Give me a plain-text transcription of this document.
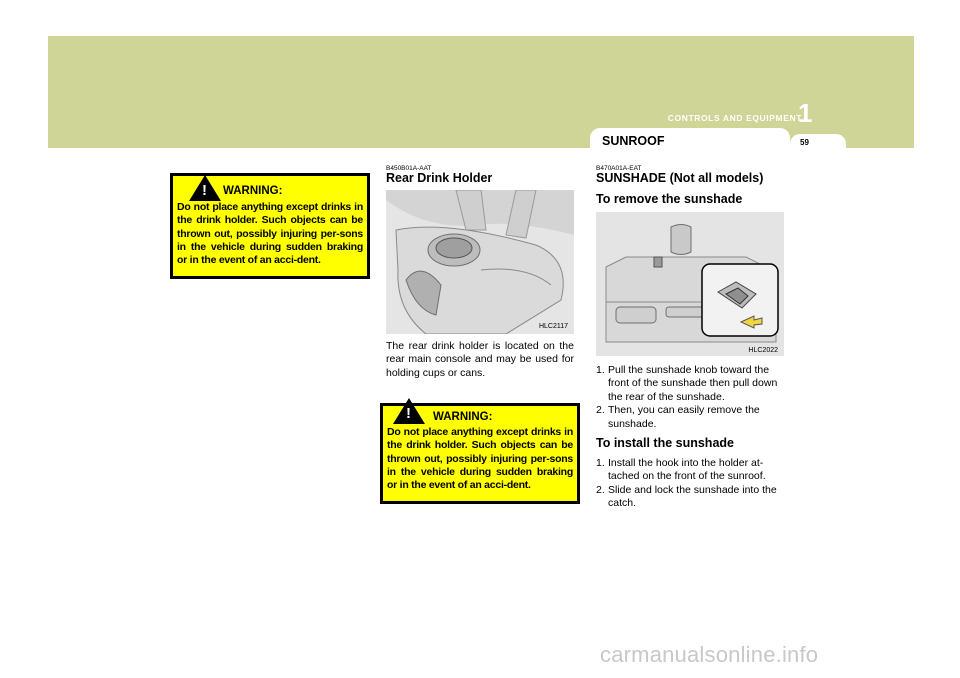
CONTROLS AND EQUIPMENT
1
SUNROOF	59
! WARNING:
Do not place anything except drinks in the drink holder. Such objects can be thrown out, possibly injuring per-sons in the vehicle during sudden braking or in the event of an acci-dent.
B450B01A-AAT
Rear Drink Holder
HLC2117
The rear drink holder is located on the rear main console and may be used for holding cups or cans.
! WARNING:
Do not place anything except drinks in the drink holder. Such objects can be thrown out, possibly injuring per-sons in the vehicle during sudden braking or in the event of an acci-dent.
B470A01A-EAT
SUNSHADE (Not all models)
To remove the sunshade
HLC2022
1. Pull the sunshade knob toward the front of the sunshade then pull down the rear of the sunshade.
2. Then, you can easily remove the sunshade.
To install the sunshade
1. Install the hook into the holder at-tached on the front of the sunroof.
2. Slide and lock the sunshade into the catch.
carmanualsonline.info
